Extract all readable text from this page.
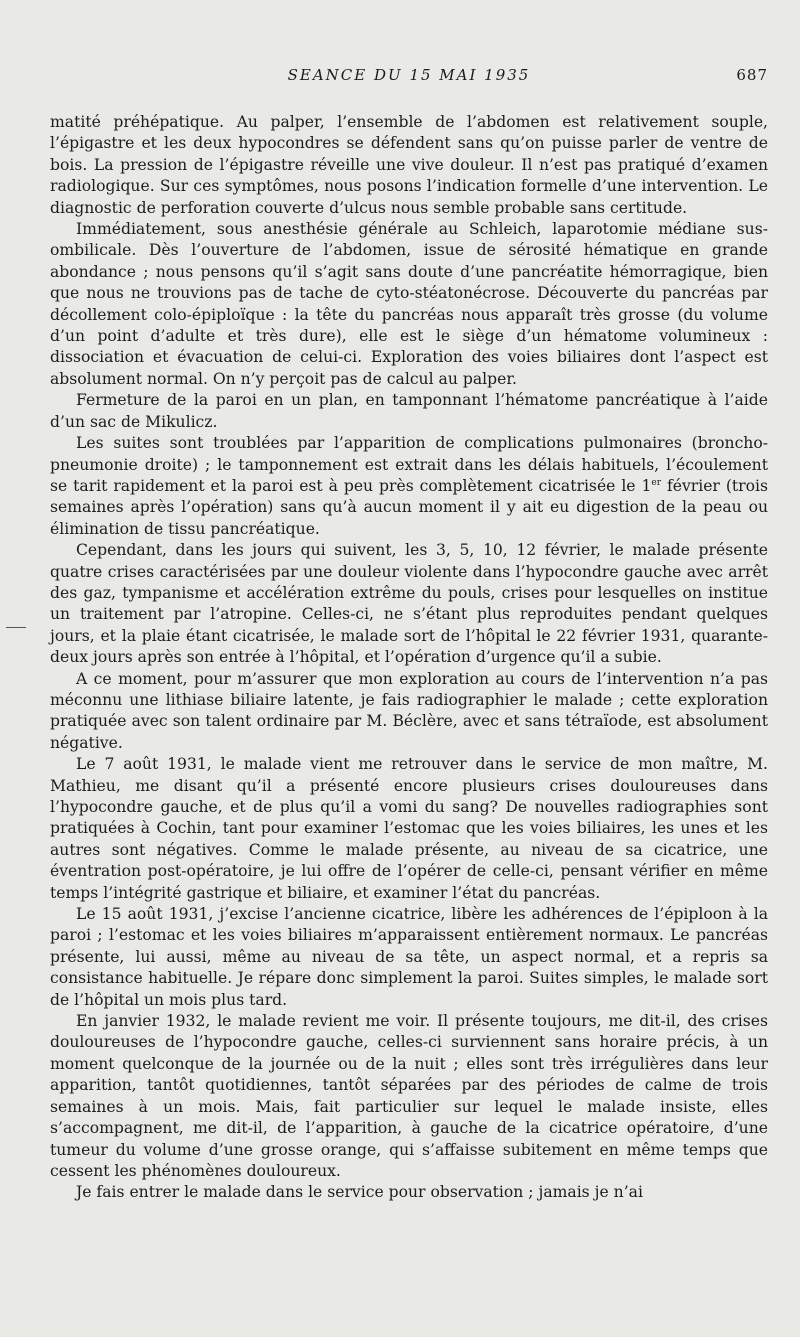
SEANCE DU 15 MAI 1935	687

matité préhépatique. Au palper, l’ensemble de l’abdomen est relativement souple, l’épigastre et les deux hypocondres se défendent sans qu’on puisse parler de ventre de bois. La pression de l’épigastre réveille une vive douleur. Il n’est pas pratiqué d’examen radiologique. Sur ces symptômes, nous posons l’indication formelle d’une intervention. Le diagnostic de perforation couverte d’ulcus nous semble probable sans certitude.

Immédiatement, sous anesthésie générale au Schleich, laparotomie médiane sus-ombilicale. Dès l’ouverture de l’abdomen, issue de sérosité hématique en grande abondance ; nous pensons qu’il s’agit sans doute d’une pancréatite hémorragique, bien que nous ne trouvions pas de tache de cyto-stéatonécrose. Découverte du pancréas par décollement colo-épiploïque : la tête du pancréas nous apparaît très grosse (du volume d’un point d’adulte et très dure), elle est le siège d’un hématome volumineux : dissociation et évacuation de celui-ci. Exploration des voies biliaires dont l’aspect est absolument normal. On n’y perçoit pas de calcul au palper.

Fermeture de la paroi en un plan, en tamponnant l’hématome pancréatique à l’aide d’un sac de Mikulicz.

Les suites sont troublées par l’apparition de complications pulmonaires (broncho-pneumonie droite) ; le tamponnement est extrait dans les délais habituels, l’écoulement se tarit rapidement et la paroi est à peu près complètement cicatrisée le 1er février (trois semaines après l’opération) sans qu’à aucun moment il y ait eu digestion de la peau ou élimination de tissu pancréatique.

Cependant, dans les jours qui suivent, les 3, 5, 10, 12 février, le malade présente quatre crises caractérisées par une douleur violente dans l’hypocondre gauche avec arrêt des gaz, tympanisme et accélération extrême du pouls, crises pour lesquelles on institue un traitement par l’atropine. Celles-ci, ne s’étant plus reproduites pendant quelques jours, et la plaie étant cicatrisée, le malade sort de l’hôpital le 22 février 1931, quarante-deux jours après son entrée à l’hôpital, et l’opération d’urgence qu’il a subie.

A ce moment, pour m’assurer que mon exploration au cours de l’intervention n’a pas méconnu une lithiase biliaire latente, je fais radiographier le malade ; cette exploration pratiquée avec son talent ordinaire par M. Béclère, avec et sans tétraïode, est absolument négative.

Le 7 août 1931, le malade vient me retrouver dans le service de mon maître, M. Mathieu, me disant qu’il a présenté encore plusieurs crises douloureuses dans l’hypocondre gauche, et de plus qu’il a vomi du sang? De nouvelles radiographies sont pratiquées à Cochin, tant pour examiner l’estomac que les voies biliaires, les unes et les autres sont négatives. Comme le malade présente, au niveau de sa cicatrice, une éventration post-opératoire, je lui offre de l’opérer de celle-ci, pensant vérifier en même temps l’intégrité gastrique et biliaire, et examiner l’état du pancréas.

Le 15 août 1931, j’excise l’ancienne cicatrice, libère les adhérences de l’épiploon à la paroi ; l’estomac et les voies biliaires m’apparaissent entièrement normaux. Le pancréas présente, lui aussi, même au niveau de sa tête, un aspect normal, et a repris sa consistance habituelle. Je répare donc simplement la paroi. Suites simples, le malade sort de l’hôpital un mois plus tard.

En janvier 1932, le malade revient me voir. Il présente toujours, me dit-il, des crises douloureuses de l’hypocondre gauche, celles-ci surviennent sans horaire précis, à un moment quelconque de la journée ou de la nuit ; elles sont très irrégulières dans leur apparition, tantôt quotidiennes, tantôt séparées par des périodes de calme de trois semaines à un mois. Mais, fait particulier sur lequel le malade insiste, elles s’accompagnent, me dit-il, de l’apparition, à gauche de la cicatrice opératoire, d’une tumeur du volume d’une grosse orange, qui s’affaisse subitement en même temps que cessent les phénomènes douloureux.

Je fais entrer le malade dans le service pour observation ; jamais je n’ai
